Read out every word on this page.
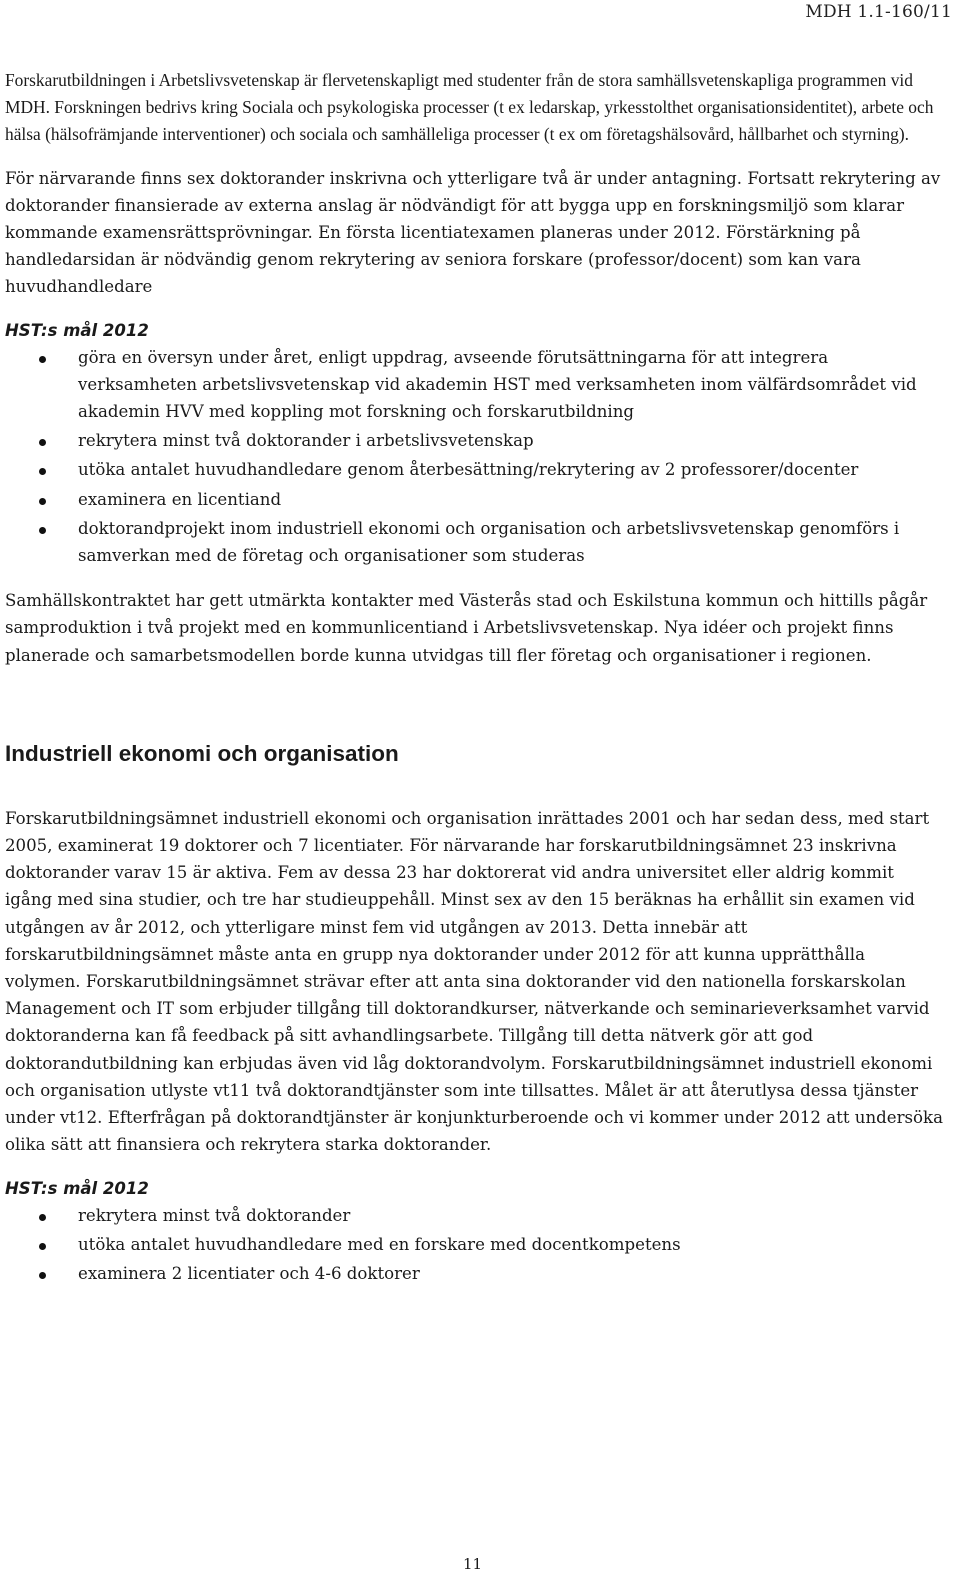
MDH 1.1-160/11

Forskarutbildningen i Arbetslivsvetenskap är flervetenskapligt med studenter från de stora samhällsvetenskapliga programmen vid MDH. Forskningen bedrivs kring Sociala och psykologiska processer (t ex ledarskap, yrkesstolthet organisationsidentitet), arbete och hälsa (hälsofrämjande interventioner) och sociala och samhälleliga processer (t ex om företagshälsovård, hållbarhet och styrning).

För närvarande finns sex doktorander inskrivna och ytterligare två är under antagning. Fortsatt rekrytering av doktorander finansierade av externa anslag är nödvändigt för att bygga upp en forskningsmiljö som klarar kommande examensrättsprövningar. En första licentiatexamen planeras under 2012. Förstärkning på handledarsidan är nödvändig genom rekrytering av seniora forskare (professor/docent) som kan vara huvudhandledare

HST:s mål 2012

göra en översyn under året, enligt uppdrag, avseende förutsättningarna för att integrera verksamheten arbetslivsvetenskap vid akademin HST med verksamheten inom välfärdsområdet vid akademin HVV med koppling mot forskning och forskarutbildning
rekrytera minst två doktorander i arbetslivsvetenskap
utöka antalet huvudhandledare genom återbesättning/rekrytering av 2 professorer/docenter
examinera en licentiand
doktorandprojekt inom industriell ekonomi och organisation och arbetslivsvetenskap genomförs i samverkan med de företag och organisationer som studeras

Samhällskontraktet har gett utmärkta kontakter med Västerås stad och Eskilstuna kommun och hittills pågår samproduktion i två projekt med en kommunlicentiand i Arbetslivsvetenskap. Nya idéer och projekt finns planerade och samarbetsmodellen borde kunna utvidgas till fler företag och organisationer i regionen.

Industriell ekonomi och organisation

Forskarutbildningsämnet industriell ekonomi och organisation inrättades 2001 och har sedan dess, med start 2005, examinerat 19 doktorer och 7 licentiater. För närvarande har forskarutbildningsämnet 23 inskrivna doktorander varav 15 är aktiva. Fem av dessa 23 har doktorerat vid andra universitet eller aldrig kommit igång med sina studier, och tre har studieuppehåll. Minst sex av den 15 beräknas ha erhållit sin examen vid utgången av år 2012, och ytterligare minst fem vid utgången av 2013. Detta innebär att forskarutbildningsämnet måste anta en grupp nya doktorander under 2012 för att kunna upprätthålla volymen. Forskarutbildningsämnet strävar efter att anta sina doktorander vid den nationella forskarskolan Management och IT som erbjuder tillgång till doktorandkurser, nätverkande och seminarieverksamhet varvid doktoranderna kan få feedback på sitt avhandlingsarbete. Tillgång till detta nätverk gör att god doktorandutbildning kan erbjudas även vid låg doktorandvolym. Forskarutbildningsämnet industriell ekonomi och organisation utlyste vt11 två doktorandtjänster som inte tillsattes. Målet är att återutlysa dessa tjänster under vt12. Efterfrågan på doktorandtjänster är konjunkturberoende och vi kommer under 2012 att undersöka olika sätt att finansiera och rekrytera starka doktorander.

HST:s mål 2012

rekrytera minst två doktorander
utöka antalet huvudhandledare med en forskare med docentkompetens
examinera 2 licentiater och 4-6 doktorer
11
